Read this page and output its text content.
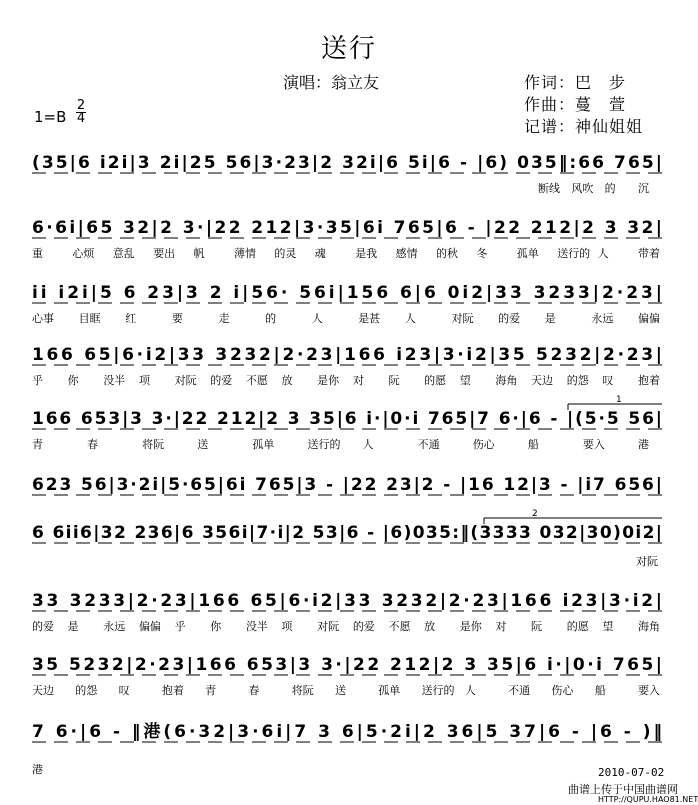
送行
演唱：翁立友	作词：巴　步
作曲：蔓　萱
记谱：神仙姐姐
1=B
2
4
(35|6 i2i|3 2i|25 56|3·23|2 32i|6 5i|6 - |6) 035‖:66 765|
断线 风吹 的 沉
6·6i|65 32|2 3·|22 212|3·35|6i 765|6 - |22 212|2 3 32|
重	心烦 意乱 要出 帆	薄情 的灵 魂	是我 感情 的秋 冬	孤单 送行的 人	带着
ii i2i|5 6 23|3 2 i|56· 56i|156 6|6 0i2|33 3233|2·23|
心事 目眶 红	要	走	的	人	是甚 人	对阮 的爱 是	永远 偏偏
166 65|6·i2|33 3232|2·23|166 i23|3·i2|35 5232|2·23|
乎 你 没半 项 对阮 的爱 不愿 放 是你 对 阮 的愿 望 海角 天边 的怨 叹 抱着
166 653|3 3·|22 212|2 3 35|6 i·|0·i 765|7 6·|6 - |(5·5 56|
青	春	将阮	送	孤单	送行的 人	不通	伤心	船	要入	港
1
623 56|3·2i|5·65|6i 765|3 - |22 23|2 - |16 12|3 - |i7 656|
6 6ii6|32 236|6 356i|7·i|2 53|6 - |6)035:‖(3333 032|30)0i2|
对阮
2
33 3233|2·23|166 65|6·i2|33 3232|2·23|166 i23|3·i2|
的爱 是 永远 偏偏 乎 你 没半 项 对阮 的爱 不愿 放 是你 对 阮 的愿 望 海角
35 5232|2·23|166 653|3 3·|22 212|2 3 35|6 i·|0·i 765|
天边 的怨 叹	抱着 青	春	将阮 送	孤单 送行的 人	不通 伤心 船	要入
7 6·|6 - ‖港(6·32|3·6i|7 3 6|5·2i|2 36|5 37|6 - |6 - )‖
港	2010-07-02
曲谱上传于中国曲谱网
HTTP://QUPU.HAO81.NET
